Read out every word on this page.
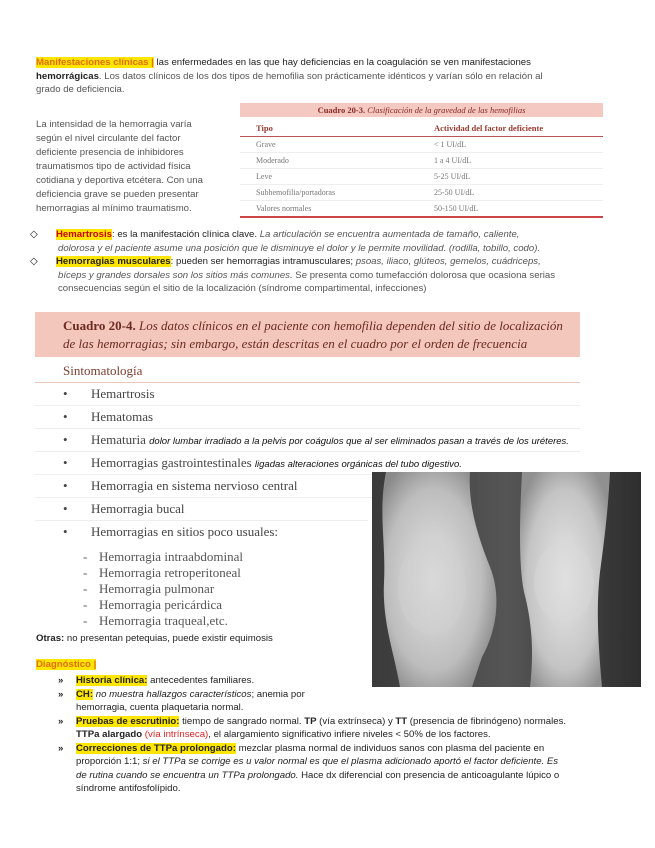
Manifestaciones clínicas | las enfermedades en las que hay deficiencias en la coagulación se ven manifestaciones

hemorrágicas. Los datos clínicos de los dos tipos de hemofilia son prácticamente idénticos y varían sólo en relación al

grado de deficiencia.

La intensidad de la hemorragia varía

según el nivel circulante del factor

deficiente presencia de inhibidores

traumatismos tipo de actividad física

cotidiana y deportiva etcétera. Con una

deficiencia grave se pueden presentar

hemorragias al mínimo traumatismo.

Cuadro 20-3. Clasificación de la gravedad de las hemofilias
Tipo	Actividad del factor deficiente
Grave	< 1 UI/dL
Moderado	1 a 4 UI/dL
Leve	5-25 UI/dL
Subhemofilia/portadoras	25-50 UI/dL
Valores normales	50-150 UI/dL

◇ Hemartrosis: es la manifestación clínica clave. La articulación se encuentra aumentada de tamaño, caliente,

dolorosa y el paciente asume una posición que le disminuye el dolor y le permite movilidad. (rodilla, tobillo, codo).

◇ Hemorragias musculares: pueden ser hemorragias intramusculares; psoas, iliaco, glúteos, gemelos, cuádriceps,

bíceps y grandes dorsales son los sitios más comunes. Se presenta como tumefacción dolorosa que ocasiona serias

consecuencias según el sitio de la localización (síndrome compartimental, infecciones)

Cuadro 20-4. Los datos clínicos en el paciente con hemofilia dependen del sitio de localización
de las hemorragias; sin embargo, están descritas en el cuadro por el orden de frecuencia
Sintomatología
• Hemartrosis
• Hematomas
• Hematuria dolor lumbar irradiado a la pelvis por coágulos que al ser eliminados pasan a través de los uréteres.
• Hemorragias gastrointestinales ligadas alteraciones orgánicas del tubo digestivo.
• Hemorragia en sistema nervioso central
• Hemorragia bucal
• Hemorragias en sitios poco usuales:
- Hemorragia intraabdominal
- Hemorragia retroperitoneal
- Hemorragia pulmonar
- Hemorragia pericárdica
- Hemorragia traqueal,etc.
Otras: no presentan petequias, puede existir equimosis
Diagnóstico |

» Historia clínica: antecedentes familiares.

» CH: no muestra hallazgos característicos; anemia por

hemorragia, cuenta plaquetaria normal.

» Pruebas de escrutinio: tiempo de sangrado normal. TP (vía extrínseca) y TT (presencia de fibrinógeno) normales.

TTPa alargado (vía intrínseca), el alargamiento significativo infiere niveles < 50% de los factores.

» Correcciones de TTPa prolongado: mezclar plasma normal de individuos sanos con plasma del paciente en

proporción 1:1; si el TTPa se corrige es u valor normal es que el plasma adicionado aportó el factor deficiente. Es

de rutina cuando se encuentra un TTPa prolongado. Hace dx diferencial con presencia de anticoagulante lúpico o

síndrome antifosfolípido.
